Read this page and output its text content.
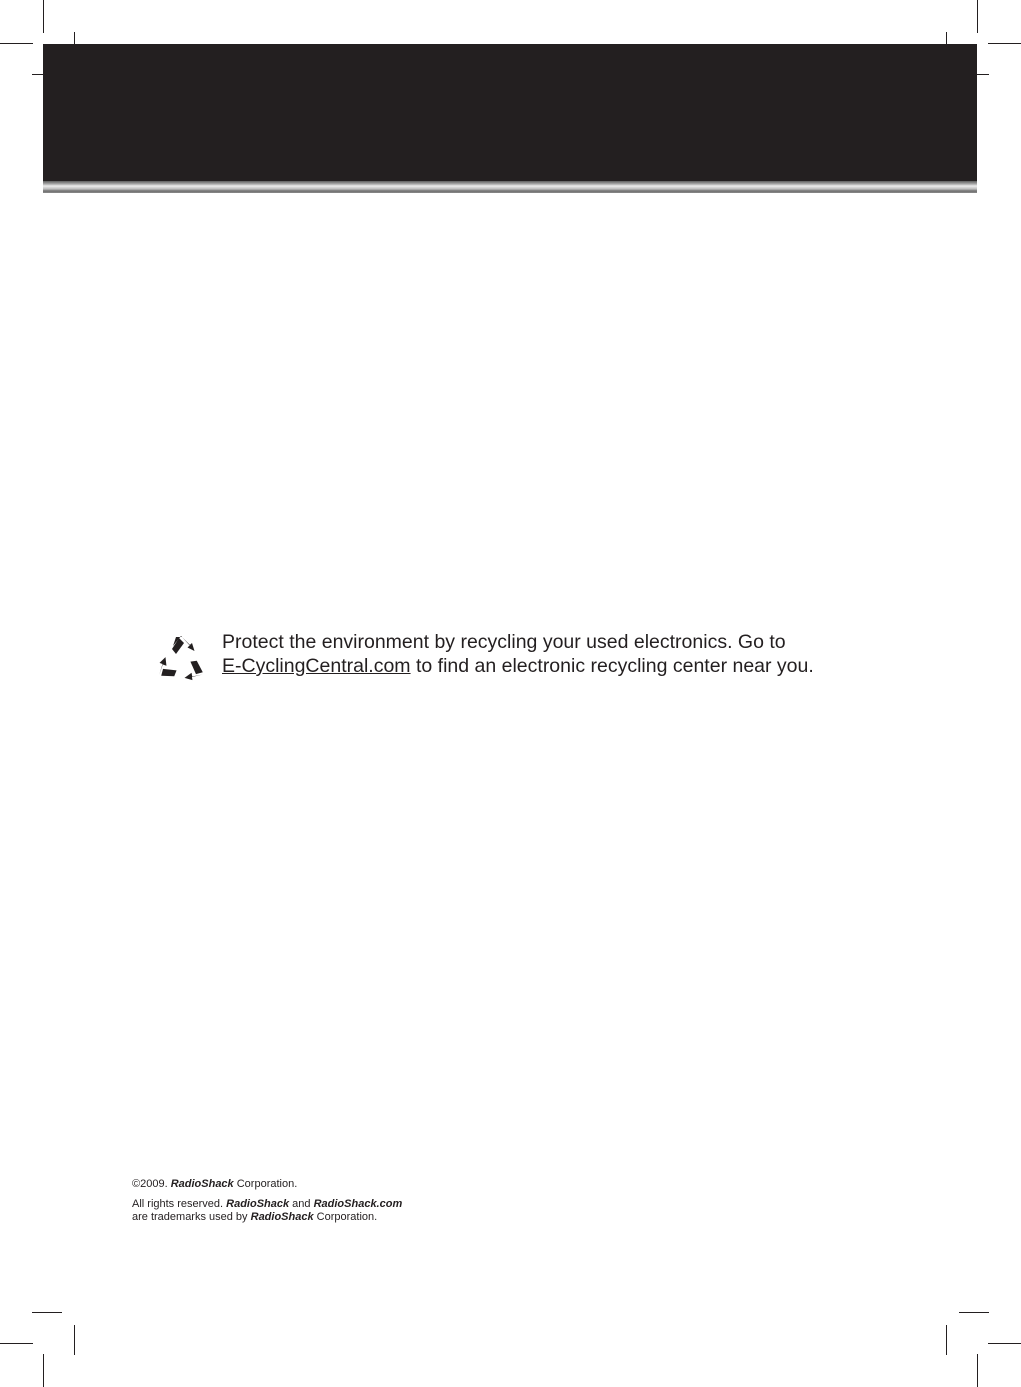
Protect the environment by recycling your used electronics. Go to
E-CyclingCentral.com to find an electronic recycling center near you.
©2009. RadioShack Corporation.
All rights reserved. RadioShack and RadioShack.com
are trademarks used by RadioShack Corporation.
